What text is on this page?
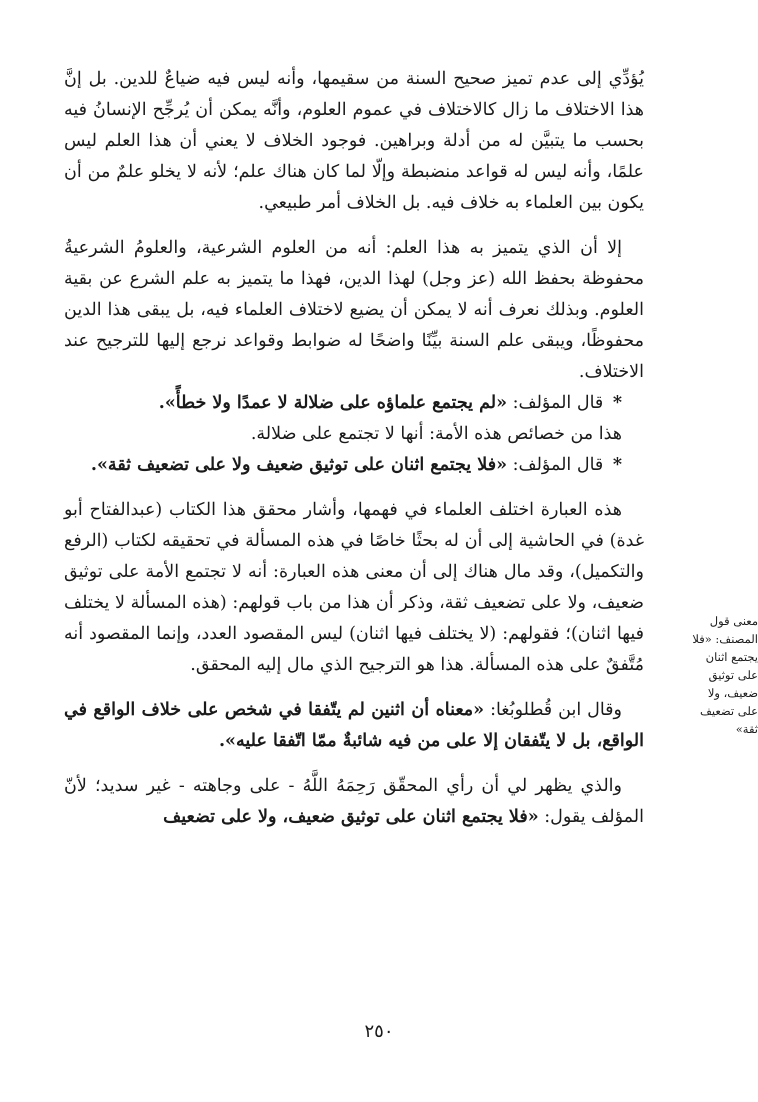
يُؤدِّي إلى عدم تميز صحيح السنة من سقيمها، وأنه ليس فيه ضياعٌ للدين. بل إنَّ هذا الاختلاف ما زال كالاختلاف في عموم العلوم، وأنَّه يمكن أن يُرجِّح الإنسانُ فيه بحسب ما يتبيَّن له من أدلة وبراهين. فوجود الخلاف لا يعني أن هذا العلم ليس علمًا، وأنه ليس له قواعد منضبطة وإلّا لما كان هناك علم؛ لأنه لا يخلو علمٌ من أن يكون بين العلماء به خلاف فيه. بل الخلاف أمر طبيعي.

إلا أن الذي يتميز به هذا العلم: أنه من العلوم الشرعية، والعلومُ الشرعيةُ محفوظة بحفظ الله (عز وجل) لهذا الدين، فهذا ما يتميز به علم الشرع عن بقية العلوم. وبذلك نعرف أنه لا يمكن أن يضيع لاختلاف العلماء فيه، بل يبقى هذا الدين محفوظًا، ويبقى علم السنة بيِّنًا واضحًا له ضوابط وقواعد نرجع إليها للترجيح عند الاختلاف.

* قال المؤلف: «لم يجتمع علماؤه على ضلالة لا عمدًا ولا خطأً».

هذا من خصائص هذه الأمة: أنها لا تجتمع على ضلالة.

* قال المؤلف: «فلا يجتمع اثنان على توثيق ضعيف ولا على تضعيف ثقة».

هذه العبارة اختلف العلماء في فهمها، وأشار محقق هذا الكتاب (عبدالفتاح أبو غدة) في الحاشية إلى أن له بحثًا خاصًا في هذه المسألة في تحقيقه لكتاب (الرفع والتكميل)، وقد مال هناك إلى أن معنى هذه العبارة: أنه لا تجتمع الأمة على توثيق ضعيف، ولا على تضعيف ثقة، وذكر أن هذا من باب قولهم: (هذه المسألة لا يختلف فيها اثنان)؛ فقولهم: (لا يختلف فيها اثنان) ليس المقصود العدد، وإنما المقصود أنه مُتَّفقٌ على هذه المسألة. هذا هو الترجيح الذي مال إليه المحقق.

وقال ابن قُطلوبُغا: «معناه أن اثنين لم يتّفقا في شخص على خلاف الواقع في الواقع، بل لا يتّفقان إلا على من فيه شائبةٌ ممّا اتّفقا عليه».

والذي يظهر لي أن رأي المحقّق رَحِمَهُ اللَّهُ - على وجاهته - غير سديد؛ لأنّ المؤلف يقول: «فلا يجتمع اثنان على توثيق ضعيف، ولا على تضعيف

معنى قول المصنف: «فلا يجتمع اثنان على توثيق ضعيف، ولا على تضعيف ثقة»
٢٥٠
